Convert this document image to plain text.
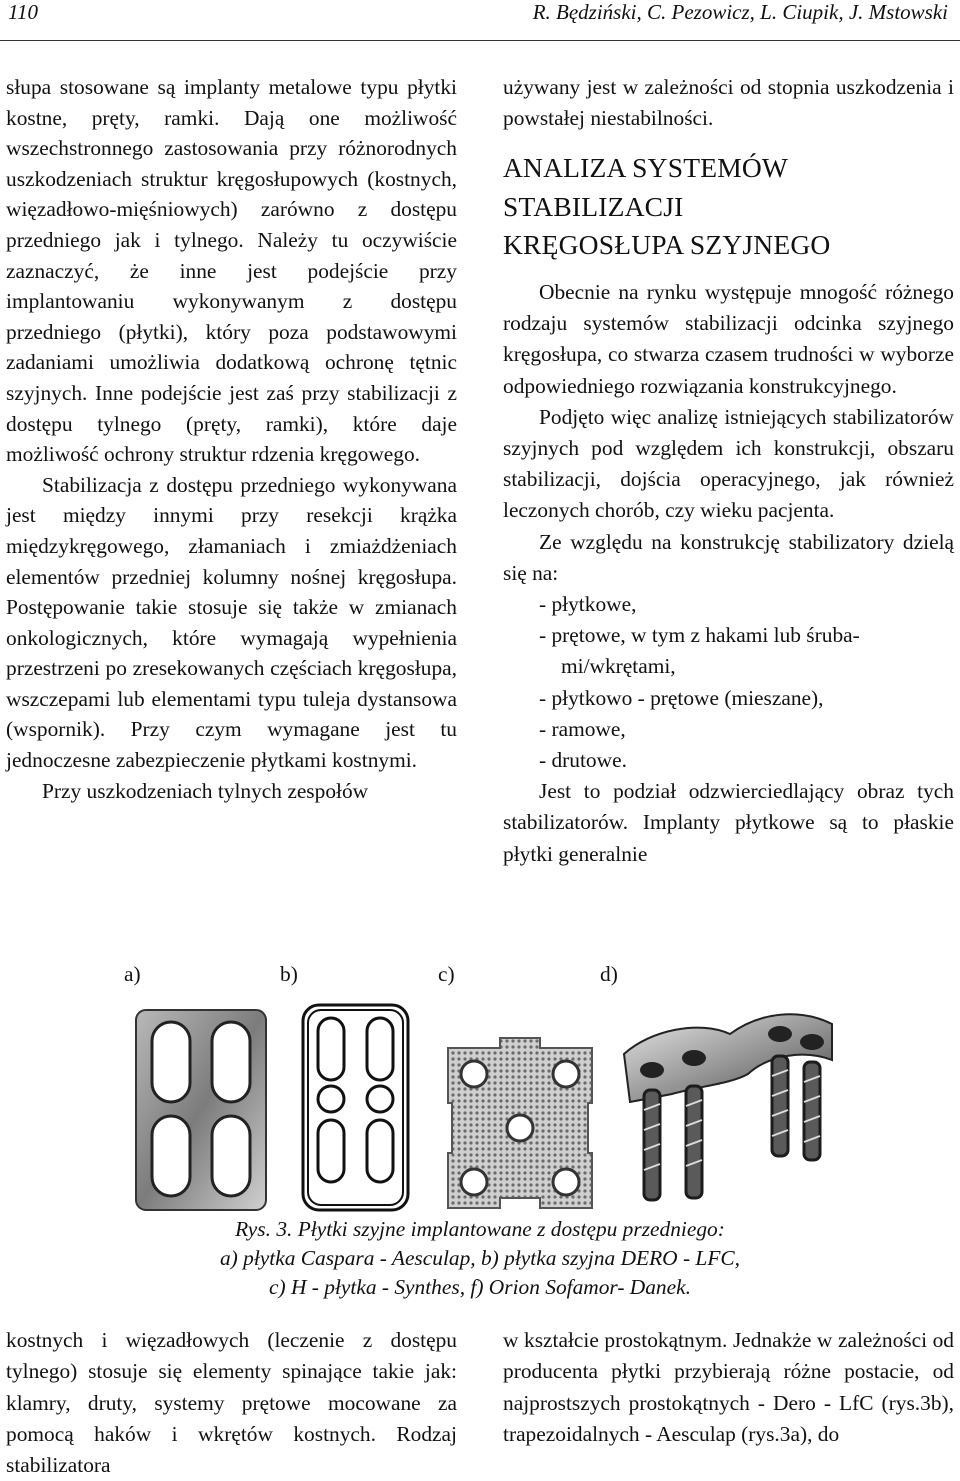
110	R. Będziński, C. Pezowicz, L. Ciupik, J. Mstowski

słupa stosowane są implanty metalowe typu płytki kostne, pręty, ramki. Dają one możliwość wszechstronnego zastosowania przy różnorodnych uszkodzeniach struktur kręgosłupowych (kostnych, więzadłowo-mięśniowych) zarówno z dostępu przedniego jak i tylnego. Należy tu oczywiście zaznaczyć, że inne jest podejście przy implantowaniu wykonywanym z dostępu przedniego (płytki), który poza podstawowymi zadaniami umożliwia dodatkową ochronę tętnic szyjnych. Inne podejście jest zaś przy stabilizacji z dostępu tylnego (pręty, ramki), które daje możliwość ochrony struktur rdzenia kręgowego.

Stabilizacja z dostępu przedniego wykonywana jest między innymi przy resekcji krążka międzykręgowego, złamaniach i zmiażdżeniach elementów przedniej kolumny nośnej kręgosłupa. Postępowanie takie stosuje się także w zmianach onkologicznych, które wymagają wypełnienia przestrzeni po zresekowanych częściach kręgosłupa, wszczepami lub elementami typu tuleja dystansowa (wspornik). Przy czym wymagane jest tu jednoczesne zabezpieczenie płytkami kostnymi.

Przy uszkodzeniach tylnych zespołów

używany jest w zależności od stopnia uszkodzenia i powstałej niestabilności.

ANALIZA SYSTEMÓW
STABILIZACJI
KRĘGOSŁUPA SZYJNEGO

Obecnie na rynku występuje mnogość różnego rodzaju systemów stabilizacji odcinka szyjnego kręgosłupa, co stwarza czasem trudności w wyborze odpowiedniego rozwiązania konstrukcyjnego.

Podjęto więc analizę istniejących stabilizatorów szyjnych pod względem ich konstrukcji, obszaru stabilizacji, dojścia operacyjnego, jak również leczonych chorób, czy wieku pacjenta.

Ze względu na konstrukcję stabilizatory dzielą się na:

- płytkowe,
- prętowe, w tym z hakami lub śruba-
mi/wkrętami,
- płytkowo - prętowe (mieszane),
- ramowe,
- drutowe.

Jest to podział odzwierciedlający obraz tych stabilizatorów. Implanty płytkowe są to płaskie płytki generalnie

a)	b)	c)	d)
Rys. 3. Płytki szyjne implantowane z dostępu przedniego:
a) płytka Caspara - Aesculap, b) płytka szyjna DERO - LFC,
c) H - płytka - Synthes, f) Orion Sofamor- Danek.

kostnych i więzadłowych (leczenie z dostępu tylnego) stosuje się elementy spinające takie jak: klamry, druty, systemy prętowe mocowane za pomocą haków i wkrętów kostnych. Rodzaj stabilizatora

w kształcie prostokątnym. Jednakże w zależności od producenta płytki przybierają różne postacie, od najprostszych prostokątnych - Dero - LfC (rys.3b), trapezoidalnych - Aesculap (rys.3a), do
